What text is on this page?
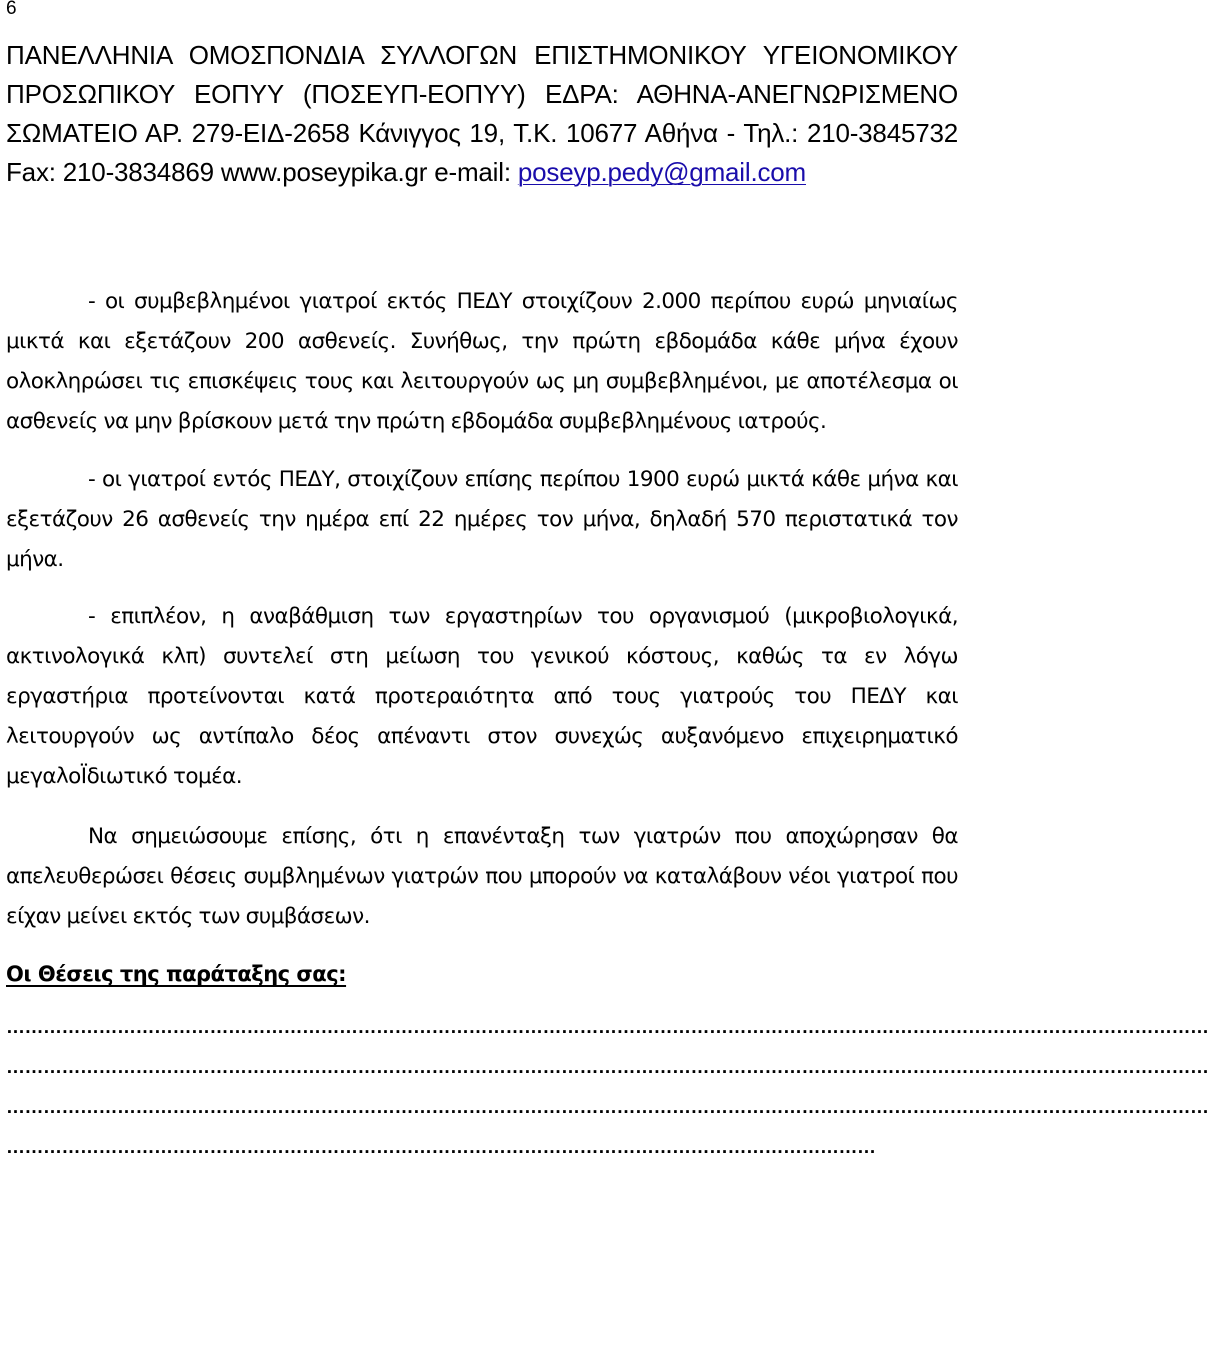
6
ΠΑΝΕΛΛΗΝΙΑ ΟΜΟΣΠΟΝΔΙΑ ΣΥΛΛΟΓΩΝ ΕΠΙΣΤΗΜΟΝΙΚΟΥ ΥΓΕΙΟΝΟΜΙΚΟΥ ΠΡΟΣΩΠΙΚΟΥ ΕΟΠΥΥ (ΠΟΣΕΥΠ-ΕΟΠΥΥ) ΕΔΡΑ: ΑΘΗΝΑ-ΑΝΕΓΝΩΡΙΣΜΕΝΟ ΣΩΜΑΤΕΙΟ ΑΡ. 279-ΕΙΔ-2658 Κάνιγγος 19, Τ.Κ. 10677 Αθήνα - Τηλ.: 210-3845732 Fax: 210-3834869 www.poseypika.gr e-mail: poseyp.pedy@gmail.com

- οι συμβεβλημένοι γιατροί εκτός ΠΕΔΥ στοιχίζουν 2.000 περίπου ευρώ μηνιαίως μικτά και εξετάζουν 200 ασθενείς. Συνήθως, την πρώτη εβδομάδα κάθε μήνα έχουν ολοκληρώσει τις επισκέψεις τους και λειτουργούν ως μη συμβεβλημένοι, με αποτέλεσμα οι ασθενείς να μην βρίσκουν μετά την πρώτη εβδομάδα συμβεβλημένους ιατρούς.

- οι γιατροί εντός ΠΕΔΥ, στοιχίζουν επίσης περίπου 1900 ευρώ μικτά κάθε μήνα και εξετάζουν 26 ασθενείς την ημέρα επί 22 ημέρες τον μήνα, δηλαδή 570 περιστατικά τον μήνα.

- επιπλέον, η αναβάθμιση των εργαστηρίων του οργανισμού (μικροβιολογικά, ακτινολογικά κλπ) συντελεί στη μείωση του γενικού κόστους, καθώς τα εν λόγω εργαστήρια προτείνονται κατά προτεραιότητα από τους γιατρούς του ΠΕΔΥ και λειτουργούν ως αντίπαλο δέος απέναντι στον συνεχώς αυξανόμενο επιχειρηματικό μεγαλοΪδιωτικό τομέα.

Να σημειώσουμε επίσης, ότι η επανένταξη των γιατρών που αποχώρησαν θα απελευθερώσει θέσεις συμβλημένων γιατρών που μπορούν να καταλάβουν νέοι γιατροί που είχαν μείνει εκτός των συμβάσεων.

Οι Θέσεις της παράταξης σας:
……………………………………………………………………………………………………………………………………………………………………………
……………………………………………………………………………………………………………………………………………………………………………
……………………………………………………………………………………………………………………………………………………………………………
……………………………………………………………………………………………………………………………
